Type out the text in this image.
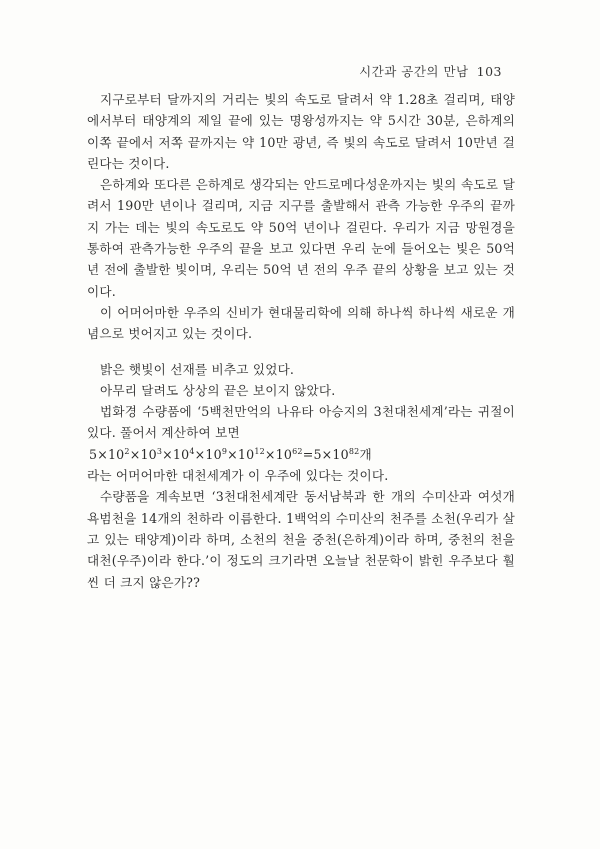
시간과 공간의 만남 103

지구로부터 달까지의 거리는 빛의 속도로 달려서 약 1.28초 걸리며, 태양에서부터 태양계의 제일 끝에 있는 명왕성까지는 약 5시간 30분, 은하계의 이쪽 끝에서 저쪽 끝까지는 약 10만 광년, 즉 빛의 속도로 달려서 10만년 걸린다는 것이다.

은하계와 또다른 은하계로 생각되는 안드로메다성운까지는 빛의 속도로 달려서 190만 년이나 걸리며, 지금 지구를 출발해서 관측 가능한 우주의 끝까지 가는 데는 빛의 속도로도 약 50억 년이나 걸린다. 우리가 지금 망원경을 통하여 관측가능한 우주의 끝을 보고 있다면 우리 눈에 들어오는 빛은 50억 년 전에 출발한 빛이며, 우리는 50억 년 전의 우주 끝의 상황을 보고 있는 것이다.

이 어머어마한 우주의 신비가 현대물리학에 의해 하나씩 하나씩 새로운 개념으로 벗어지고 있는 것이다.

밝은 햇빛이 선재를 비추고 있었다.

아무리 달려도 상상의 끝은 보이지 않았다.

법화경 수량품에 ‘5백천만억의 나유타 아승지의 3천대천세계’라는 귀절이 있다. 풀어서 계산하여 보면

$5\times 10^2\times 10^3\times 10^4\times 10^9\times 10^{12}\times 10^{62}=5\times 10^{82}$개

라는 어머어마한 대천세계가 이 우주에 있다는 것이다.

수량품을 계속보면 ‘3천대천세계란 동서남북과 한 개의 수미산과 여섯개 욕범천을 14개의 천하라 이름한다. 1백억의 수미산의 천주를 소천(우리가 살고 있는 태양계)이라 하며, 소천의 천을 중천(은하계)이라 하며, 중천의 천을 대천(우주)이라 한다.’이 정도의 크기라면 오늘날 천문학이 밝힌 우주보다 훨씬 더 크지 않은가??
